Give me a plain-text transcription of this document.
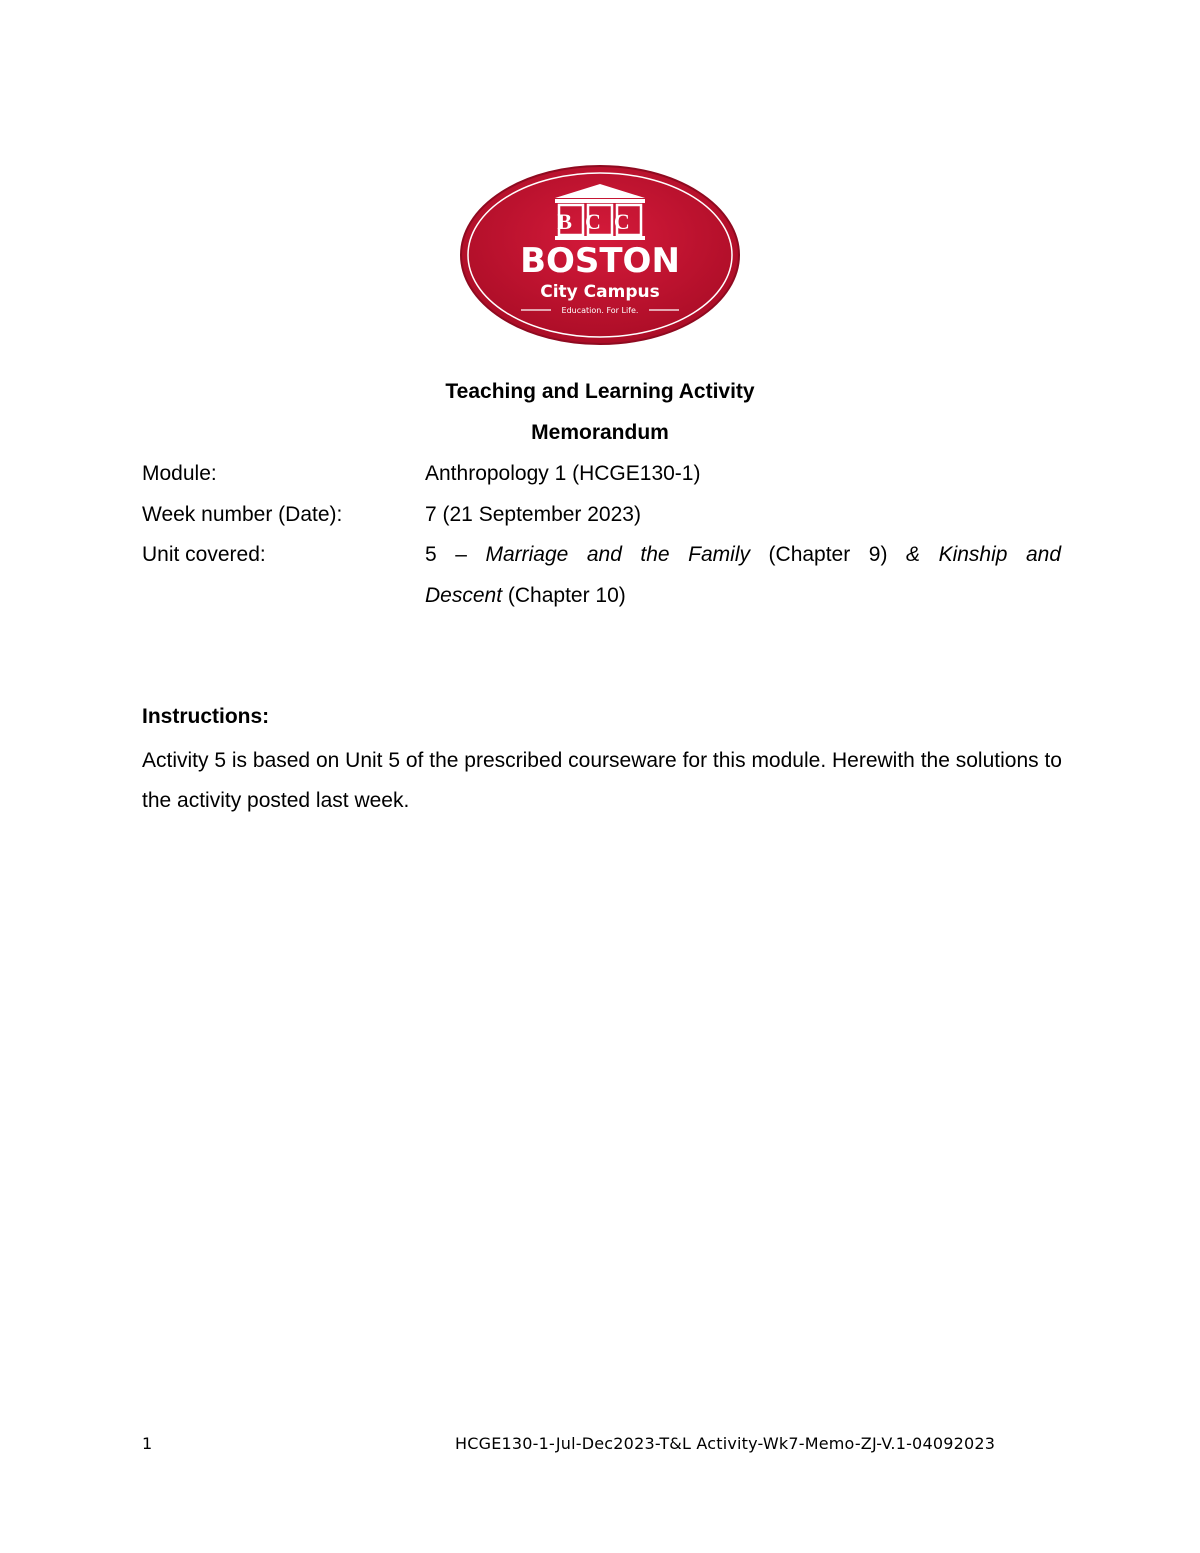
BCC
BOSTON
City Campus
Education. For Life.
Teaching and Learning Activity
Memorandum
Module:	Anthropology 1 (HCGE130-1)
Week number (Date):	7 (21 September 2023)
Unit covered:	5 – Marriage and the Family (Chapter 9) & Kinship and
Descent (Chapter 10)
Instructions:
Activity 5 is based on Unit 5 of the prescribed courseware for this module. Herewith the solutions to the activity posted last week.
1	HCGE130-1-Jul-Dec2023-T&L Activity-Wk7-Memo-ZJ-V.1-04092023
